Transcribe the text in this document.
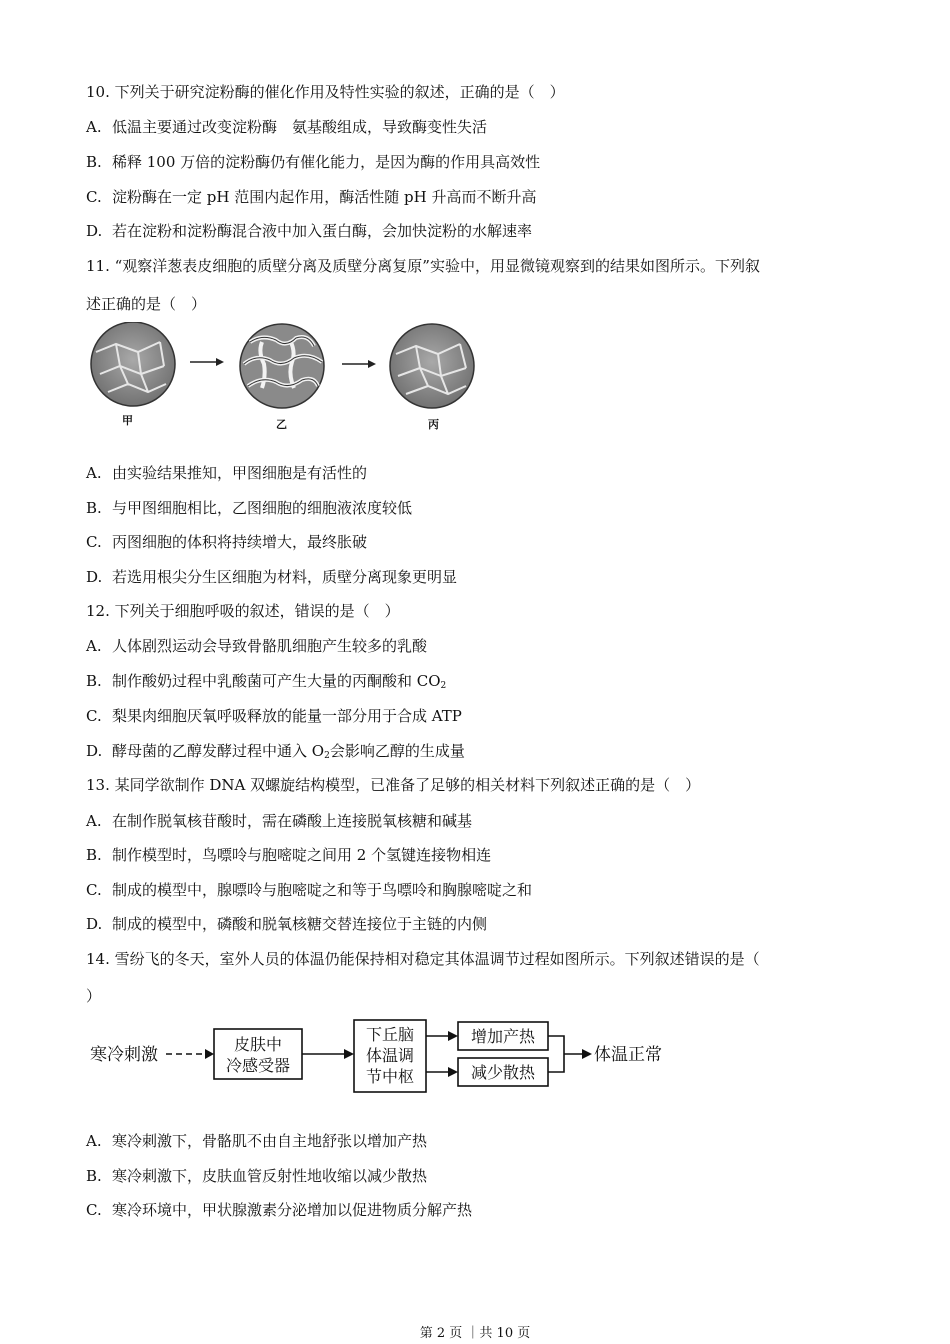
10. 下列关于研究淀粉酶的催化作用及特性实验的叙述，正确的是（　）
A. 低温主要通过改变淀粉酶　氨基酸组成，导致酶变性失活
B. 稀释 100 万倍的淀粉酶仍有催化能力，是因为酶的作用具高效性
C. 淀粉酶在一定 pH 范围内起作用，酶活性随 pH 升高而不断升高
D. 若在淀粉和淀粉酶混合液中加入蛋白酶，会加快淀粉的水解速率
11. “观察洋葱表皮细胞的质壁分离及质壁分离复原”实验中，用显微镜观察到的结果如图所示。下列叙
述正确的是（　）
甲	乙	丙
A. 由实验结果推知，甲图细胞是有活性的
B. 与甲图细胞相比，乙图细胞的细胞液浓度较低
C. 丙图细胞的体积将持续增大，最终胀破
D. 若选用根尖分生区细胞为材料，质壁分离现象更明显
12. 下列关于细胞呼吸的叙述，错误的是（　）
A. 人体剧烈运动会导致骨骼肌细胞产生较多的乳酸
B. 制作酸奶过程中乳酸菌可产生大量的丙酮酸和 $CO_2$
C. 梨果肉细胞厌氧呼吸释放的能量一部分用于合成 ATP
D. 酵母菌的乙醇发酵过程中通入 $O_2$会影响乙醇的生成量
13. 某同学欲制作 DNA 双螺旋结构模型，已准备了足够的相关材料下列叙述正确的是（　）
A. 在制作脱氧核苷酸时，需在磷酸上连接脱氧核糖和碱基
B. 制作模型时，鸟嘌呤与胞嘧啶之间用 2 个氢键连接物相连
C. 制成的模型中，腺嘌呤与胞嘧啶之和等于鸟嘌呤和胸腺嘧啶之和
D. 制成的模型中，磷酸和脱氧核糖交替连接位于主链的内侧
14. 雪纷飞的冬天，室外人员的体温仍能保持相对稳定其体温调节过程如图所示。下列叙述错误的是（
）
寒冷刺激
皮肤中
冷感受器
下丘脑
体温调
节中枢
增加产热
减少散热
体温正常
A. 寒冷刺激下，骨骼肌不由自主地舒张以增加产热
B. 寒冷刺激下，皮肤血管反射性地收缩以减少散热
C. 寒冷环境中，甲状腺激素分泌增加以促进物质分解产热
第 2 页 ｜共 10 页
